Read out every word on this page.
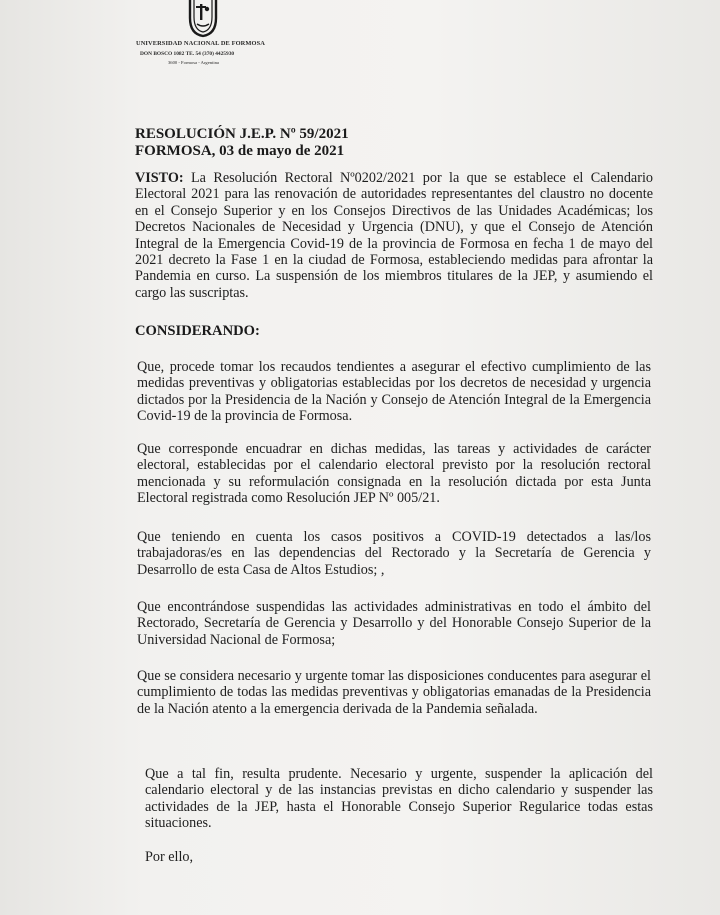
UNIVERSIDAD NACIONAL DE FORMOSA
DON BOSCO 1082 TE. 54 (370) 4425930
3600 - Formosa - Argentina
RESOLUCIÓN J.E.P. Nº 59/2021
FORMOSA, 03 de mayo de 2021
VISTO: La Resolución Rectoral Nº0202/2021 por la que se establece el Calendario Electoral 2021 para las renovación de autoridades representantes del claustro no docente en el Consejo Superior y en los Consejos Directivos de las Unidades Académicas; los Decretos Nacionales de Necesidad y Urgencia (DNU), y que el Consejo de Atención Integral de la Emergencia Covid-19 de la provincia de Formosa en fecha 1 de mayo del 2021 decreto la Fase 1 en la ciudad de Formosa, estableciendo medidas para afrontar la Pandemia en curso. La suspensión de los miembros titulares de la JEP, y asumiendo el cargo las suscriptas.
CONSIDERANDO:
Que, procede tomar los recaudos tendientes a asegurar el efectivo cumplimiento de las medidas preventivas y obligatorias establecidas por los decretos de necesidad y urgencia dictados por la Presidencia de la Nación y Consejo de Atención Integral de la Emergencia Covid-19 de la provincia de Formosa.
Que corresponde encuadrar en dichas medidas, las tareas y actividades de carácter electoral, establecidas por el calendario electoral previsto por la resolución rectoral mencionada y su reformulación consignada en la resolución dictada por esta Junta Electoral registrada como Resolución JEP Nº 005/21.
Que teniendo en cuenta los casos positivos a COVID-19 detectados a las/los trabajadoras/es en las dependencias del Rectorado y la Secretaría de Gerencia y Desarrollo de esta Casa de Altos Estudios; ,
Que encontrándose suspendidas las actividades administrativas en todo el ámbito del Rectorado, Secretaría de Gerencia y Desarrollo y del Honorable Consejo Superior de la Universidad Nacional de Formosa;
Que se considera necesario y urgente tomar las disposiciones conducentes para asegurar el cumplimiento de todas las medidas preventivas y obligatorias emanadas de la Presidencia de la Nación atento a la emergencia derivada de la Pandemia señalada.
Que a tal fin, resulta prudente. Necesario y urgente, suspender la aplicación del calendario electoral y de las instancias previstas en dicho calendario y suspender las actividades de la JEP, hasta el Honorable Consejo Superior Regularice todas estas situaciones.
Por ello,
